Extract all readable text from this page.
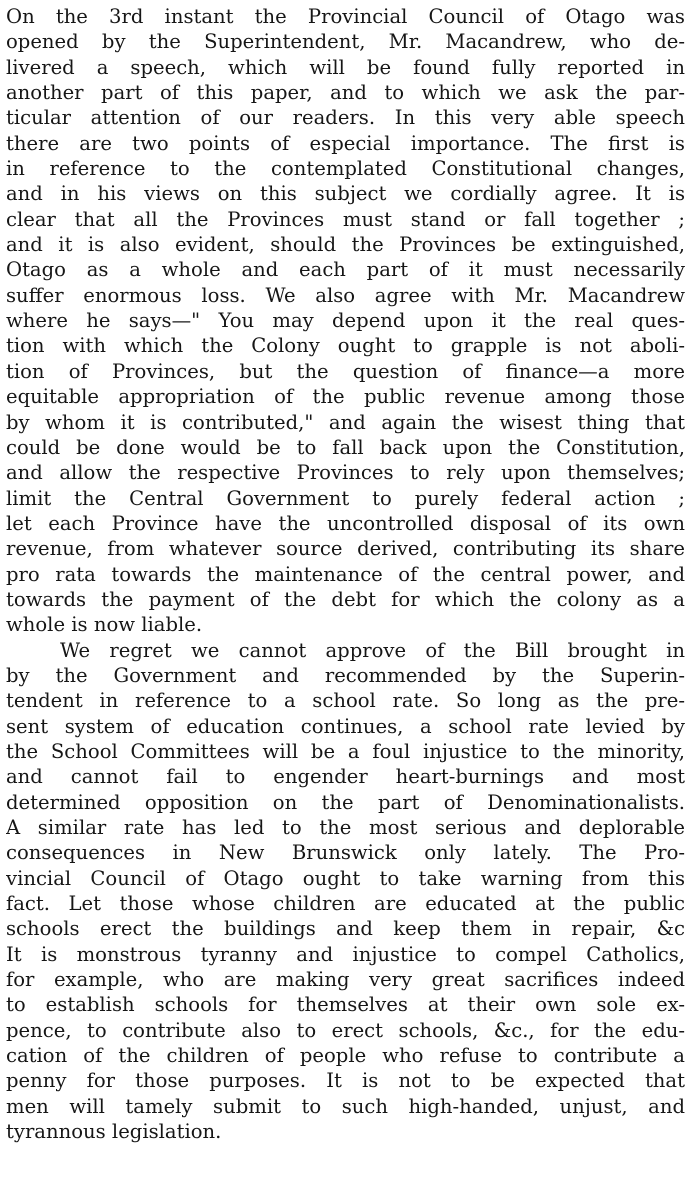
On the 3rd instant the Provincial Council of Otago was
opened by the Superintendent, Mr. Macandrew, who de-
livered a speech, which will be found fully reported in
another part of this paper, and to which we ask the par-
ticular attention of our readers. In this very able speech
there are two points of especial importance. The first is
in reference to the contemplated Constitutional changes,
and in his views on this subject we cordially agree. It is
clear that all the Provinces must stand or fall together ;
and it is also evident, should the Provinces be extinguished,
Otago as a whole and each part of it must necessarily
suffer enormous loss. We also agree with Mr. Macandrew
where he says—" You may depend upon it the real ques-
tion with which the Colony ought to grapple is not aboli-
tion of Provinces, but the question of finance—a more
equitable appropriation of the public revenue among those
by whom it is contributed," and again the wisest thing that
could be done would be to fall back upon the Constitution,
and allow the respective Provinces to rely upon themselves;
limit the Central Government to purely federal action ;
let each Province have the uncontrolled disposal of its own
revenue, from whatever source derived, contributing its share
pro rata towards the maintenance of the central power, and
towards the payment of the debt for which the colony as a
whole is now liable.
We regret we cannot approve of the Bill brought in
by the Government and recommended by the Superin-
tendent in reference to a school rate. So long as the pre-
sent system of education continues, a school rate levied by
the School Committees will be a foul injustice to the minority,
and cannot fail to engender heart-burnings and most
determined opposition on the part of Denominationalists.
A similar rate has led to the most serious and deplorable
consequences in New Brunswick only lately. The Pro-
vincial Council of Otago ought to take warning from this
fact. Let those whose children are educated at the public
schools erect the buildings and keep them in repair, &c
It is monstrous tyranny and injustice to compel Catholics,
for example, who are making very great sacrifices indeed
to establish schools for themselves at their own sole ex-
pence, to contribute also to erect schools, &c., for the edu-
cation of the children of people who refuse to contribute a
penny for those purposes. It is not to be expected that
men will tamely submit to such high-handed, unjust, and
tyrannous legislation.
